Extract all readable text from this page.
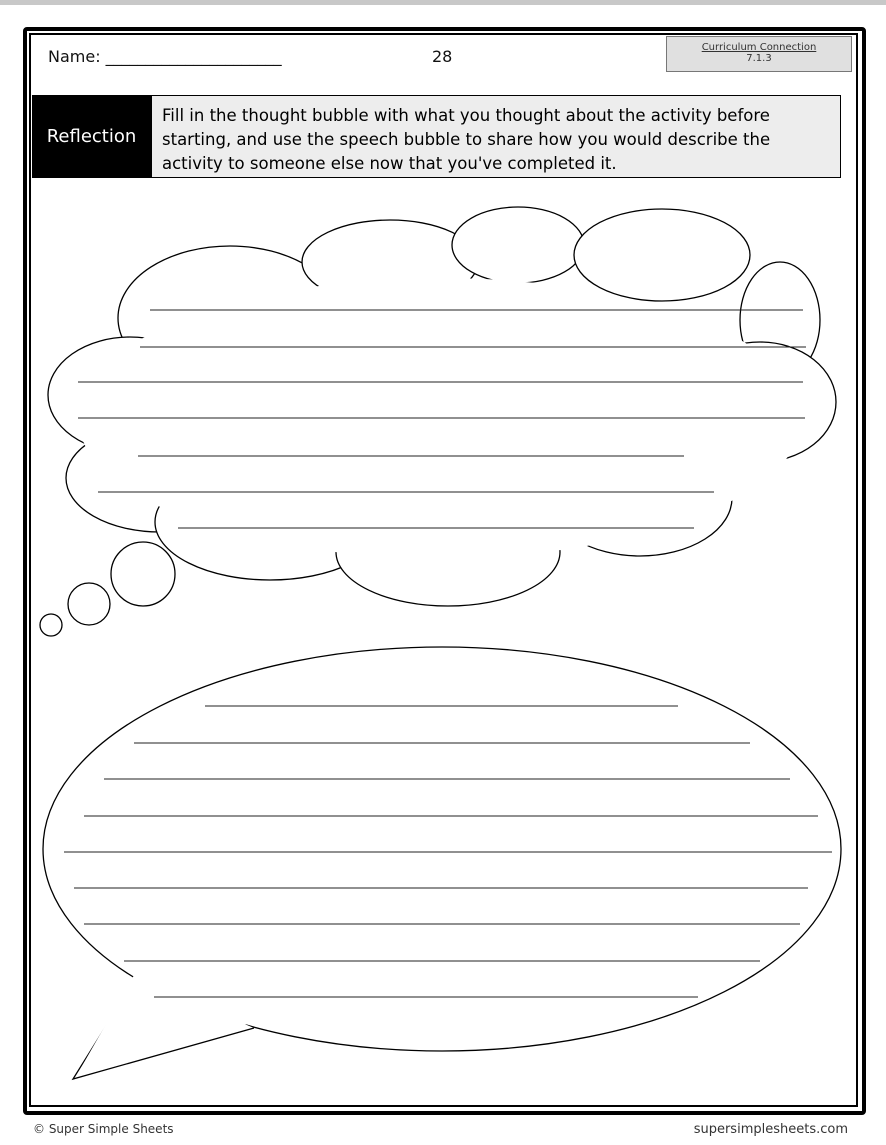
Name: ______________________	28	Curriculum Connection
7.1.3
Reflection
Fill in the thought bubble with what you thought about the activity before starting, and use the speech bubble to share how you would describe the activity to someone else now that you've completed it.
© Super Simple Sheets	supersimplesheets.com
